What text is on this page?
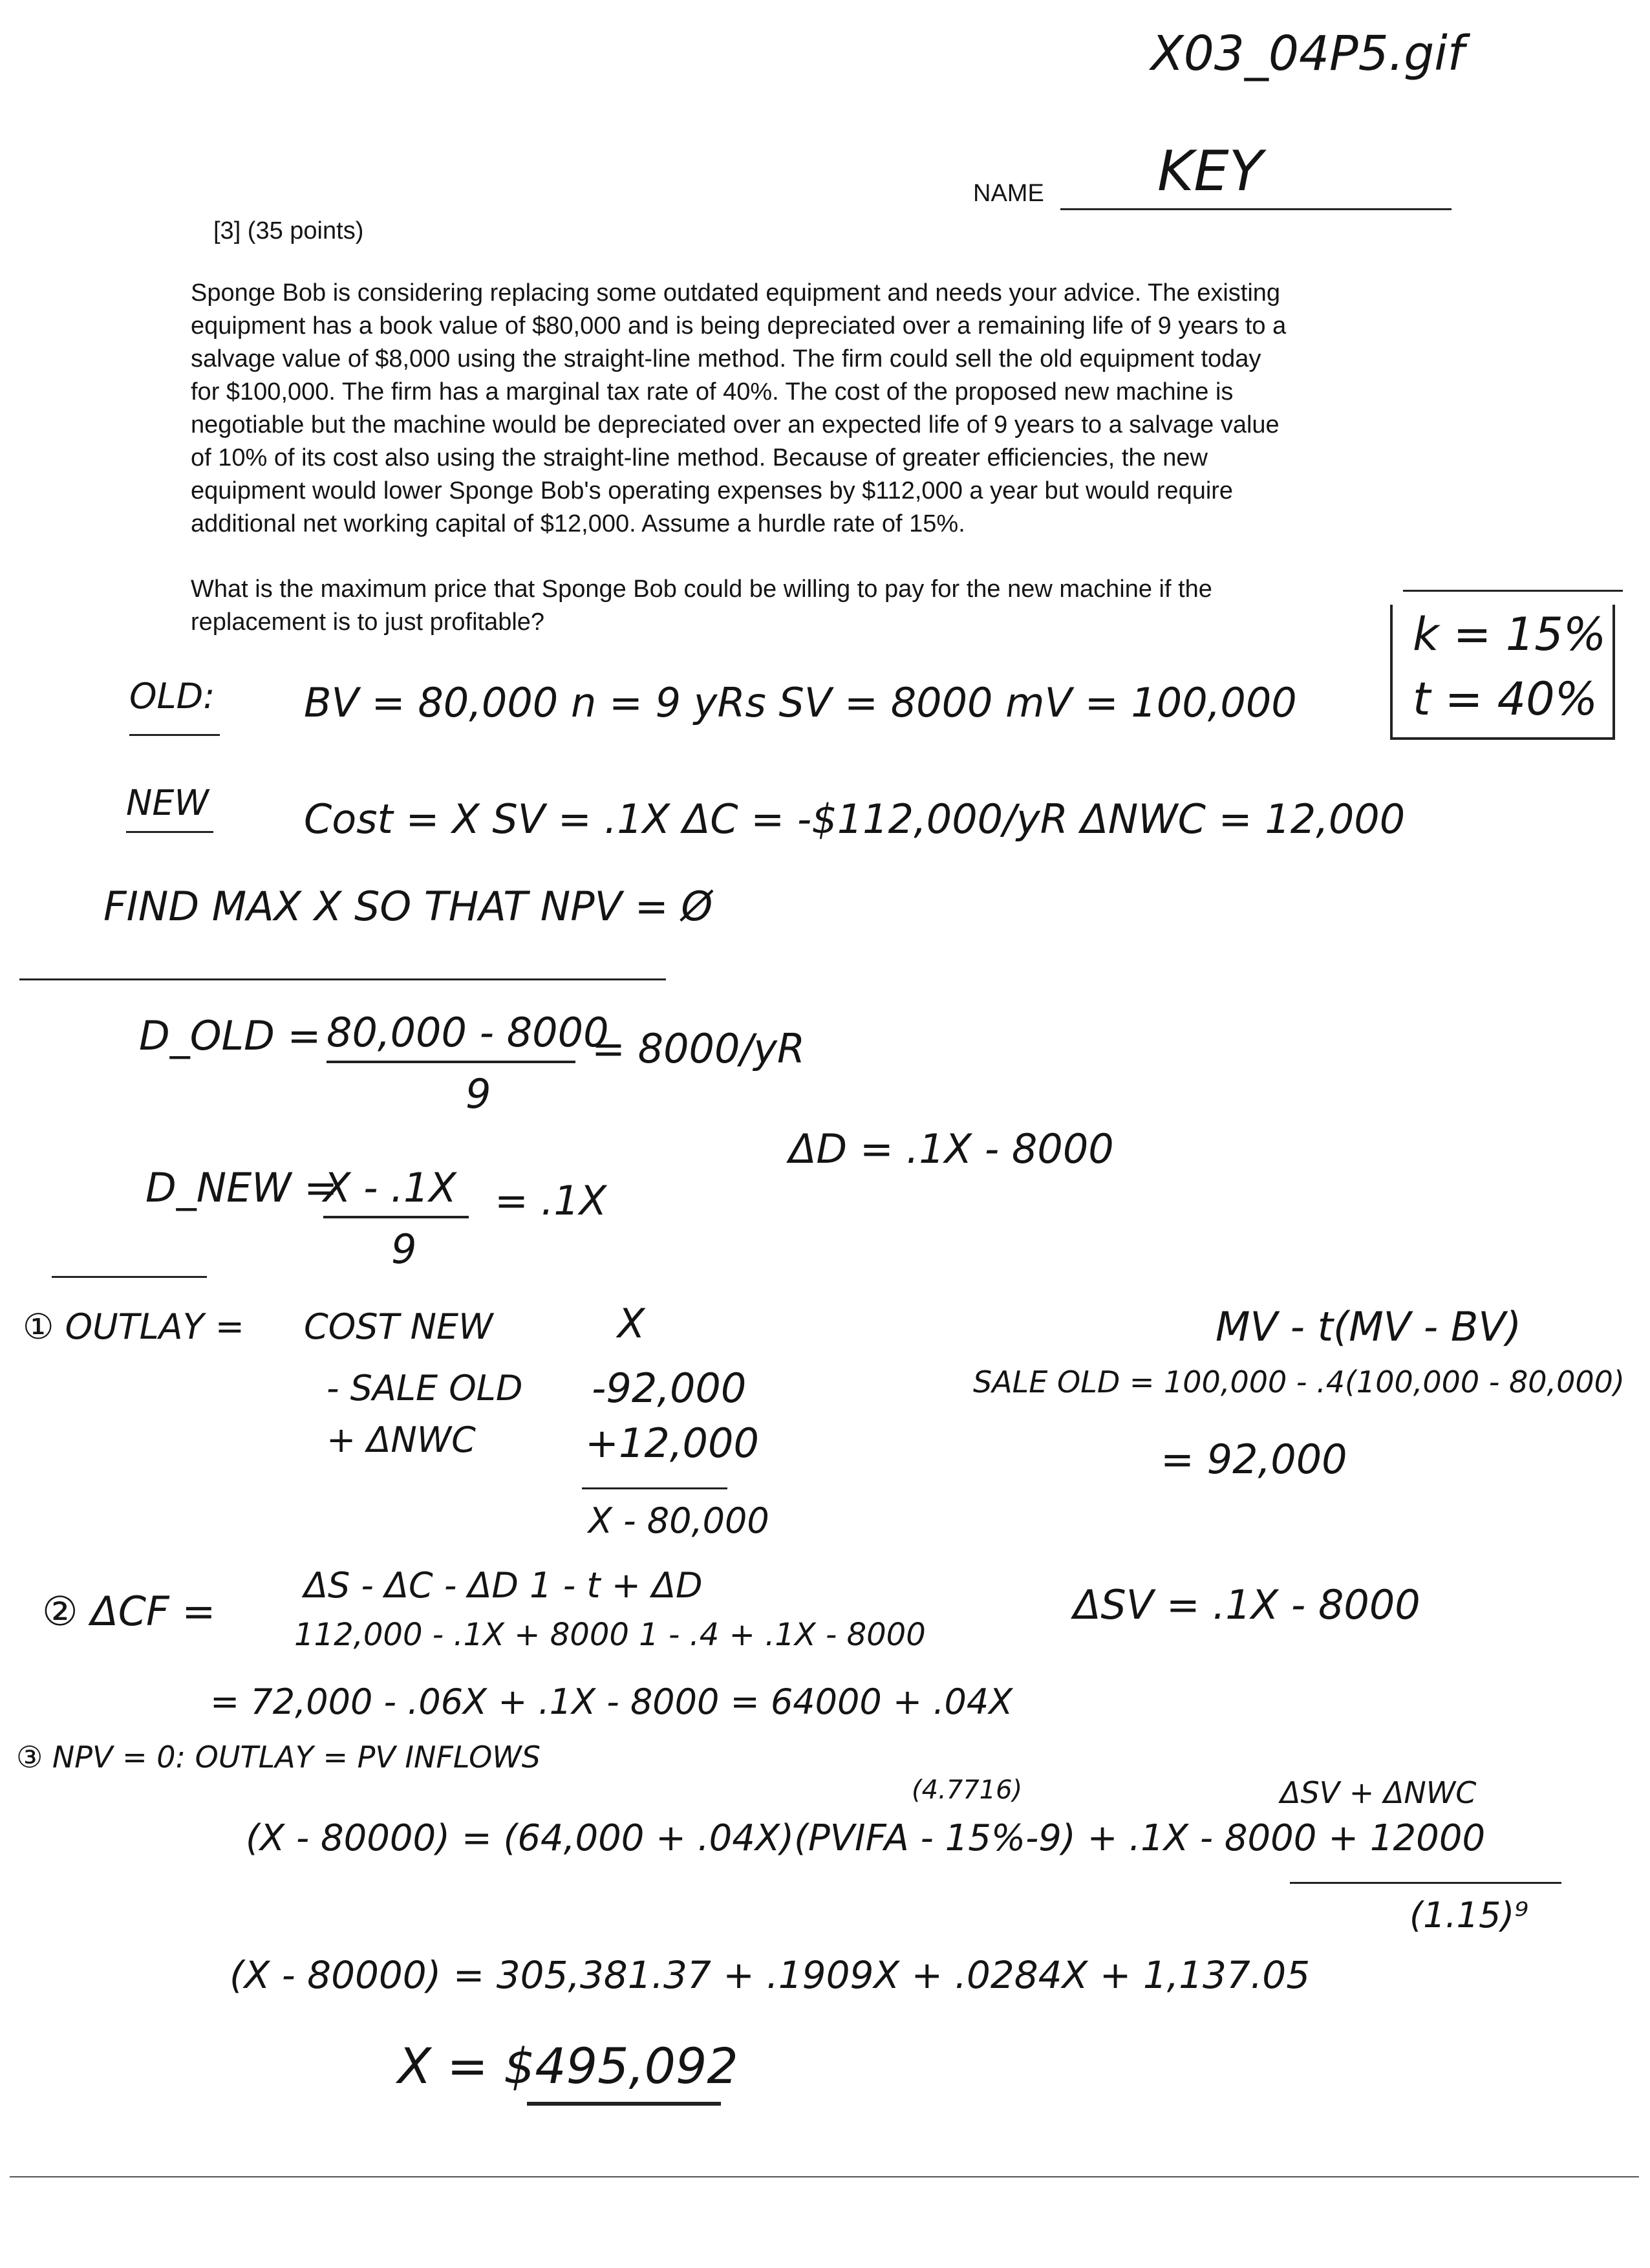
X03_04P5.gif
NAME KEY
[3] (35 points)

Sponge Bob is considering replacing some outdated equipment and needs your advice. The existing

equipment has a book value of $80,000 and is being depreciated over a remaining life of 9 years to a

salvage value of $8,000 using the straight-line method. The firm could sell the old equipment today

for $100,000. The firm has a marginal tax rate of 40%. The cost of the proposed new machine is

negotiable but the machine would be depreciated over an expected life of 9 years to a salvage value

of 10% of its cost also using the straight-line method. Because of greater efficiencies, the new

equipment would lower Sponge Bob's operating expenses by $112,000 a year but would require

additional net working capital of $12,000. Assume a hurdle rate of 15%.

What is the maximum price that Sponge Bob could be willing to pay for the new machine if the

replacement is to just profitable?	k = 15%
t = 40%
OLD: BV = 80,000 n = 9 yRs SV = 8000 mV = 100,000
NEW Cost = X SV = .1X ΔC = -$112,000/yR ΔNWC = 12,000
FIND MAX X SO THAT NPV = Ø
D_OLD = 80,000 - 8000
9
= 8000/yR
D_NEW =
X - .1X
9
= .1X
ΔD = .1X - 8000
① OUTLAY = COST NEW	X
- SALE OLD -92,000
+ ΔNWC	+12,000
X - 80,000
MV - t(MV - BV)
SALE OLD = 100,000 - .4(100,000 - 80,000)
= 92,000
② ΔCF =
ΔS - ΔC - ΔD 1 - t + ΔD
112,000 - .1X + 8000 1 - .4 + .1X - 8000
ΔSV = .1X - 8000
= 72,000 - .06X + .1X - 8000 = 64000 + .04X
③ NPV = 0: OUTLAY = PV INFLOWS
(4.7716)	ΔSV + ΔNWC
(X - 80000) = (64,000 + .04X)(PVIFA - 15%-9) + .1X - 8000 + 12000
(1.15)⁹
(X - 80000) = 305,381.37 + .1909X + .0284X + 1,137.05
X = $495,092
